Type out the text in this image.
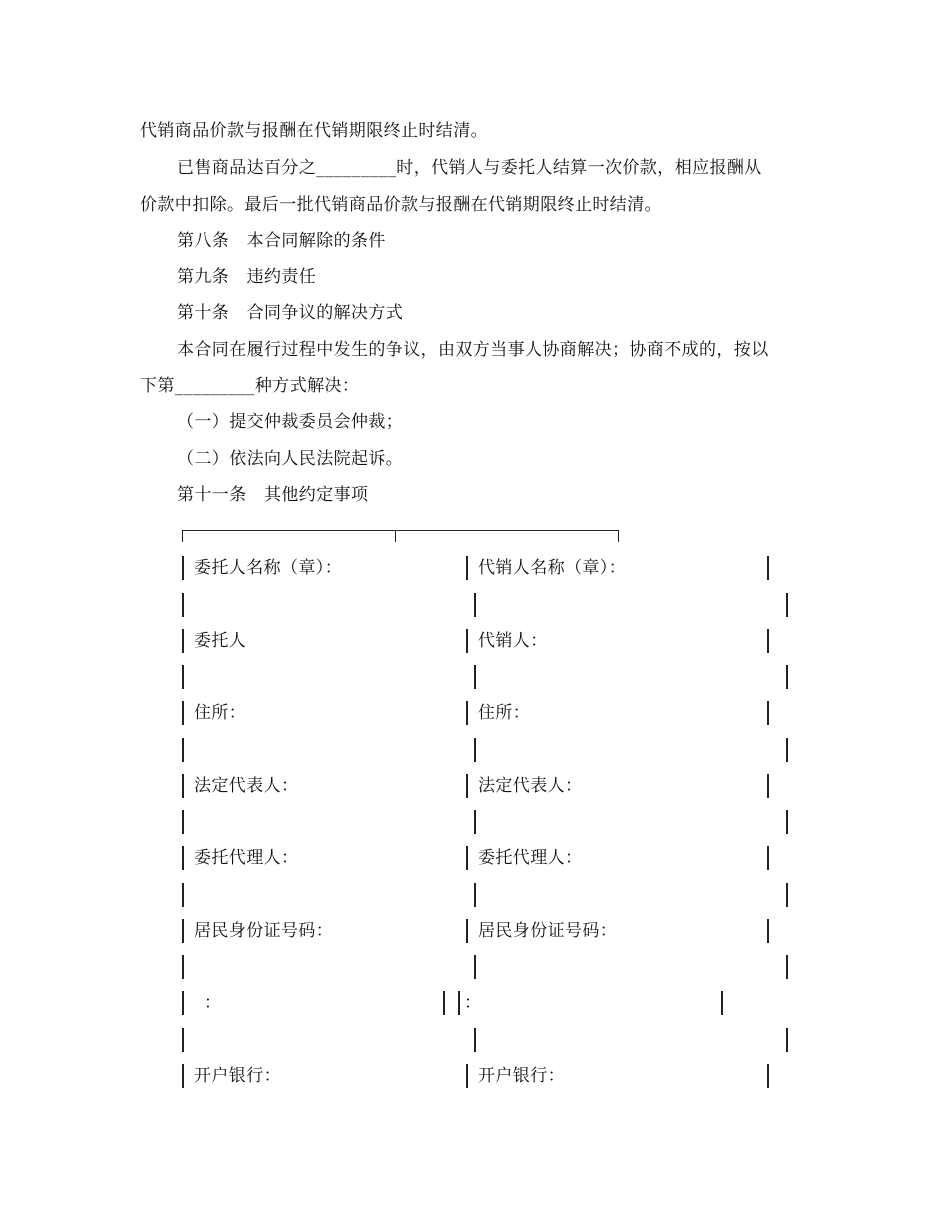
代销商品价款与报酬在代销期限终止时结清。
已售商品达百分之_________时，代销人与委托人结算一次价款，相应报酬从
价款中扣除。最后一批代销商品价款与报酬在代销期限终止时结清。
第八条　本合同解除的条件
第九条　违约责任
第十条　合同争议的解决方式
本合同在履行过程中发生的争议，由双方当事人协商解决；协商不成的，按以
下第_________种方式解决：
（一）提交仲裁委员会仲裁；
（二）依法向人民法院起诉。
第十一条　其他约定事项
委托人名称（章）：	代销人名称（章）：
委托人	代销人：
住所：	住所：
法定代表人：	法定代表人：
委托代理人：	委托代理人：
居民身份证号码：	居民身份证号码：
：	：
开户银行：	开户银行：
